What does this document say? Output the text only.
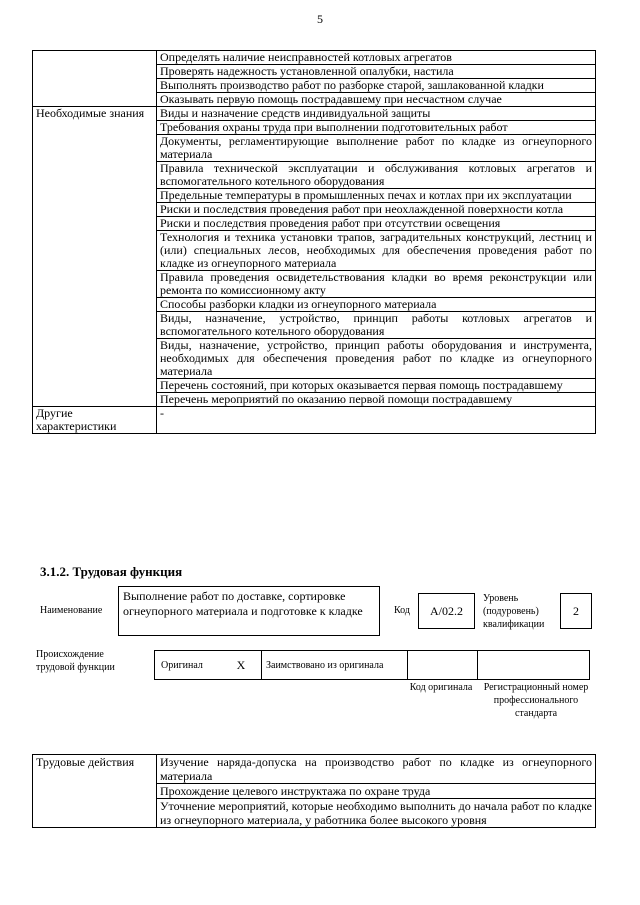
5
	Определять наличие неисправностей котловых агрегатов
	Проверять надежность установленной опалубки, настила
	Выполнять производство работ по разборке старой, зашлакованной кладки
	Оказывать первую помощь пострадавшему при несчастном случае
Необходимые знания	Виды и назначение средств индивидуальной защиты
	Требования охраны труда при выполнении подготовительных работ
	Документы, регламентирующие выполнение работ по кладке из огнеупорного материала
	Правила технической эксплуатации и обслуживания котловых агрегатов и вспомогательного котельного оборудования
	Предельные температуры в промышленных печах и котлах при их эксплуатации
	Риски и последствия проведения работ при неохлажденной поверхности котла
	Риски и последствия проведения работ при отсутствии освещения
	Технология и техника установки трапов, заградительных конструкций, лестниц и (или) специальных лесов, необходимых для обеспечения проведения работ по кладке из огнеупорного материала
	Правила проведения освидетельствования кладки во время реконструкции или ремонта по комиссионному акту
	Способы разборки кладки из огнеупорного материала
	Виды, назначение, устройство, принцип работы котловых агрегатов и вспомогательного котельного оборудования
	Виды, назначение, устройство, принцип работы оборудования и инструмента, необходимых для обеспечения проведения работ по кладке из огнеупорного материала
	Перечень состояний, при которых оказывается первая помощь пострадавшему
	Перечень мероприятий по оказанию первой помощи пострадавшему
Другие характеристики	-
3.1.2. Трудовая функция
Наименование
Выполнение работ по доставке, сортировке огнеупорного материала и подготовке к кладке	Код	А/02.2
Уровень (подуровень) квалификации
2
Происхождение трудовой функции	Оригинал	X	Заимствовано из оригинала
Код оригинала	Регистрационный номер профессионального стандарта
Трудовые действия	Изучение наряда-допуска на производство работ по кладке из огнеупорного материала
Прохождение целевого инструктажа по охране труда
Уточнение мероприятий, которые необходимо выполнить до начала работ по кладке из огнеупорного материала, у работника более высокого уровня
